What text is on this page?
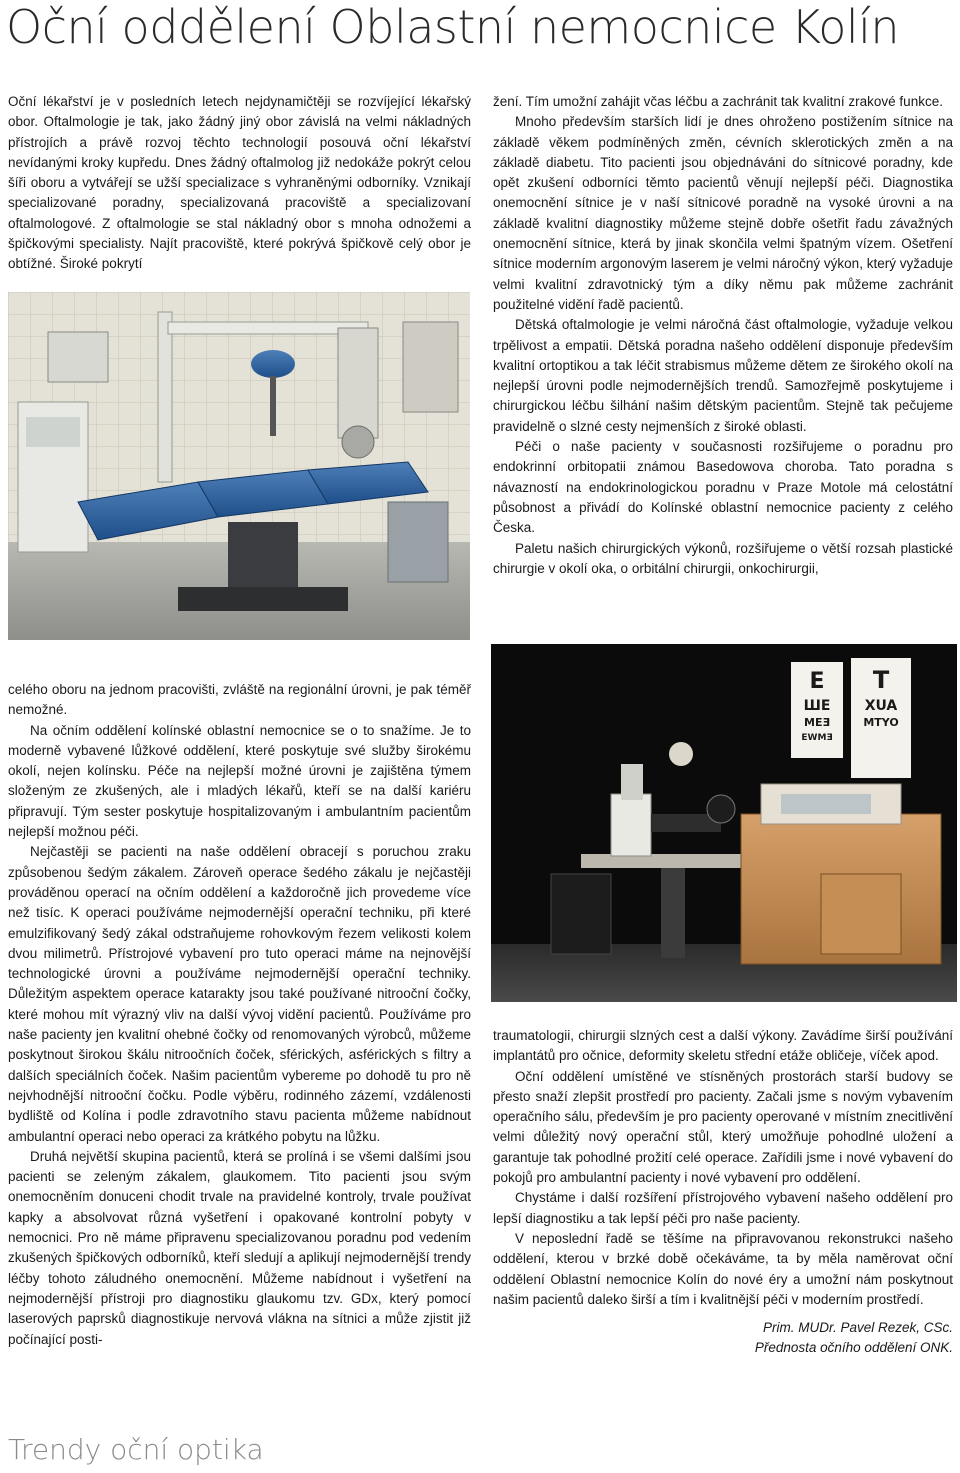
Oční oddělení Oblastní nemocnice Kolín

Oční lékařství je v posledních letech nejdynamičtěji se rozvíjející lékařský obor. Oftalmologie je tak, jako žádný jiný obor závislá na velmi nákladných přístrojích a právě rozvoj těchto technologií posouvá oční lékařství nevídanými kroky kupředu. Dnes žádný oftalmolog již nedokáže pokrýt celou šíři oboru a vytvářejí se užší specializace s vyhraněnými odborníky. Vznikají specializované poradny, specializovaná pracoviště a specializovaní oftalmologové. Z oftalmologie se stal nákladný obor s mnoha odnožemi a špičkovými specialisty. Najít pracoviště, které pokrývá špičkově celý obor je obtížné. Široké pokrytí

žení. Tím umožní zahájit včas léčbu a zachránit tak kvalitní zrakové funkce.

Mnoho především starších lidí je dnes ohroženo postižením sítnice na základě věkem podmíněných změn, cévních sklerotických změn a na základě diabetu. Tito pacienti jsou objednáváni do sítnicové poradny, kde opět zkušení odborníci těmto pacientů věnují nejlepší péči. Diagnostika onemocnění sítnice je v naší sítnicové poradně na vysoké úrovni a na základě kvalitní diagnostiky můžeme stejně dobře ošetřit řadu závažných onemocnění sítnice, která by jinak skončila velmi špatným vízem. Ošetření sítnice moderním argonovým laserem je velmi náročný výkon, který vyžaduje velmi kvalitní zdravotnický tým a díky němu pak můžeme zachránit použitelné vidění řadě pacientů.

Dětská oftalmologie je velmi náročná část oftalmologie, vyžaduje velkou trpělivost a empatii. Dětská poradna našeho oddělení disponuje především kvalitní ortoptikou a tak léčit strabismus můžeme dětem ze širokého okolí na nejlepší úrovni podle nejmodernějších trendů. Samozřejmě poskytujeme i chirurgickou léčbu šilhání našim dětským pacientům. Stejně tak pečujeme pravidelně o slzné cesty nejmenších z široké oblasti.

Péči o naše pacienty v současnosti rozšiřujeme o poradnu pro endokrinní orbitopatii známou Basedowova choroba. Tato poradna s návazností na endokrinologickou poradnu v Praze Motole má celostátní působnost a přivádí do Kolínské oblastní nemocnice pacienty z celého Česka.

Paletu našich chirurgických výkonů, rozšiřujeme o větší rozsah plastické chirurgie v okolí oka, o orbitální chirurgii, onkochirurgii,

celého oboru na jednom pracovišti, zvláště na regionální úrovni, je pak téměř nemožné.

Na očním oddělení kolínské oblastní nemocnice se o to snažíme. Je to moderně vybavené lůžkové oddělení, které poskytuje své služby širokému okolí, nejen kolínsku. Péče na nejlepší možné úrovni je zajištěna týmem složeným ze zkušených, ale i mladých lékařů, kteří se na další kariéru připravují. Tým sester poskytuje hospitalizovaným i ambulantním pacientům nejlepší možnou péči.

Nejčastěji se pacienti na naše oddělení obracejí s poruchou zraku způsobenou šedým zákalem. Zároveň operace šedého zákalu je nejčastěji prováděnou operací na očním oddělení a každoročně jich provedeme více než tisíc. K operaci používáme nejmodernější operační techniku, při které emulzifikovaný šedý zákal odstraňujeme rohovkovým řezem velikosti kolem dvou milimetrů. Přístrojové vybavení pro tuto operaci máme na nejnovější technologické úrovni a používáme nejmodernější operační techniky. Důležitým aspektem operace katarakty jsou také používané nitrooční čočky, které mohou mít výrazný vliv na další vývoj vidění pacientů. Používáme pro naše pacienty jen kvalitní ohebné čočky od renomovaných výrobců, můžeme poskytnout širokou škálu nitroočních čoček, sférických, asférických s filtry a dalších speciálních čoček. Našim pacientům vybereme po dohodě tu pro ně nejvhodnější nitrooční čočku. Podle výběru, rodinného zázemí, vzdálenosti bydliště od Kolína i podle zdravotního stavu pacienta můžeme nabídnout ambulantní operaci nebo operaci za krátkého pobytu na lůžku.

Druhá největší skupina pacientů, která se prolíná i se všemi dalšími jsou pacienti se zeleným zákalem, glaukomem. Tito pacienti jsou svým onemocněním donuceni chodit trvale na pravidelné kontroly, trvale používat kapky a absolvovat různá vyšetření i opakované kontrolní pobyty v nemocnici. Pro ně máme připravenu specializovanou poradnu pod vedením zkušených špičkových odborníků, kteří sledují a aplikují nejmodernější trendy léčby tohoto záludného onemocnění. Můžeme nabídnout i vyšetření na nejmodernější přístroji pro diagnostiku glaukomu tzv. GDx, který pomocí laserových paprsků diagnostikuje nervová vlákna na sítnici a může zjistit již počínající posti-

E
ШE
MEƎ
EWMƎ
T
XUA
MTYO

traumatologii, chirurgii slzných cest a další výkony. Zavádíme širší používání implantátů pro očnice, deformity skeletu střední etáže obličeje, víček apod.

Oční oddělení umístěné ve stísněných prostorách starší budovy se přesto snaží zlepšit prostředí pro pacienty. Začali jsme s novým vybavením operačního sálu, především je pro pacienty operované v místním znecitlivění velmi důležitý nový operační stůl, který umožňuje pohodlné uložení a garantuje tak pohodlné prožití celé operace. Zařídili jsme i nové vybavení do pokojů pro ambulantní pacienty i nové vybavení pro oddělení.

Chystáme i další rozšíření přístrojového vybavení našeho oddělení pro lepší diagnostiku a tak lepší péči pro naše pacienty.

V neposlední řadě se těšíme na připravovanou rekonstrukci našeho oddělení, kterou v brzké době očekáváme, ta by měla naměrovat oční oddělení Oblastní nemocnice Kolín do nové éry a umožní nám poskytnout našim pacientů daleko širší a tím i kvalitnější péči v moderním prostředí.

Prim. MUDr. Pavel Rezek, CSc.

Přednosta očního oddělení ONK.

Trendy oční optika
